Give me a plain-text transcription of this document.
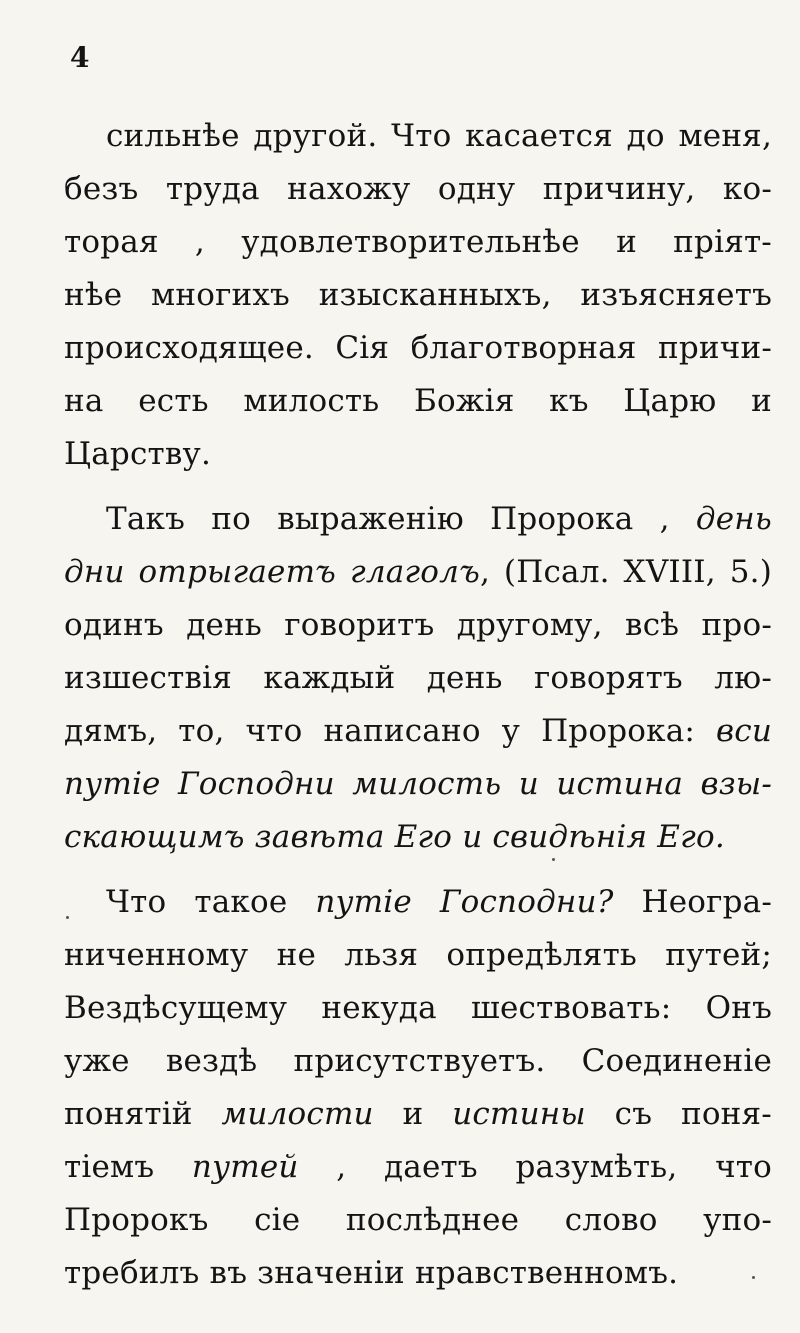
4
сильнѣе другой. Что касается до меня,
безъ труда нахожу одну причину, ко-
торая , удовлетворительнѣе и пріят-
нѣе многихъ изысканныхъ, изъясняетъ
происходящее. Сія благотворная причи-
на есть милость Божія къ Царю и
Царству.
Такъ по выраженію Пророка , день
дни отрыгаетъ глаголъ, (Псал. XVIII, 5.)
одинъ день говоритъ другому, всѣ про-
изшествія каждый день говорятъ лю-
дямъ, то, что написано у Пророка: вси
путіе Господни милость и истина взы-
скающимъ завѣта Его и свидѣнія Его.
Что такое путіе Господни? Неогра-
ниченному не льзя опредѣлять путей;
Вездѣсущему некуда шествовать: Онъ
уже вездѣ присутствуетъ. Соединеніе
понятій милости и истины съ поня-
тіемъ путей , даетъ разумѣть, что
Пророкъ сіе послѣднее слово упо-
требилъ въ значеніи нравственномъ.
